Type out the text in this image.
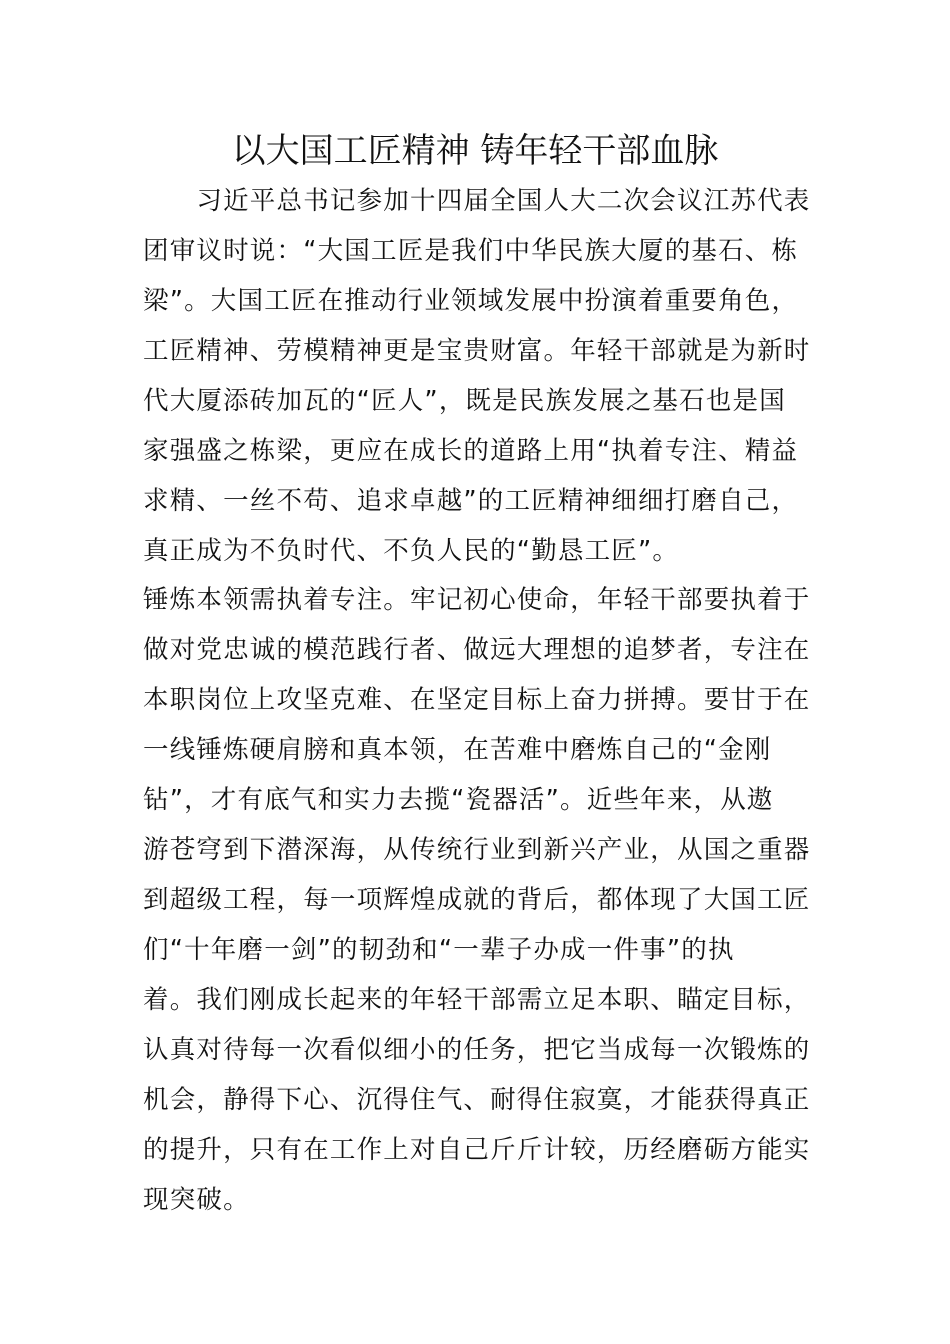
以大国工匠精神 铸年轻干部血脉
　　习近平总书记参加十四届全国人大二次会议江苏代表
团审议时说：“大国工匠是我们中华民族大厦的基石、栋
梁”。大国工匠在推动行业领域发展中扮演着重要角色，
工匠精神、劳模精神更是宝贵财富。年轻干部就是为新时
代大厦添砖加瓦的“匠人”，既是民族发展之基石也是国
家强盛之栋梁，更应在成长的道路上用“执着专注、精益
求精、一丝不苟、追求卓越”的工匠精神细细打磨自己，
真正成为不负时代、不负人民的“勤恳工匠”。
锤炼本领需执着专注。牢记初心使命，年轻干部要执着于
做对党忠诚的模范践行者、做远大理想的追梦者，专注在
本职岗位上攻坚克难、在坚定目标上奋力拼搏。要甘于在
一线锤炼硬肩膀和真本领，在苦难中磨炼自己的“金刚
钻”，才有底气和实力去揽“瓷器活”。近些年来，从遨
游苍穹到下潜深海，从传统行业到新兴产业，从国之重器
到超级工程，每一项辉煌成就的背后，都体现了大国工匠
们“十年磨一剑”的韧劲和“一辈子办成一件事”的执
着。我们刚成长起来的年轻干部需立足本职、瞄定目标，
认真对待每一次看似细小的任务，把它当成每一次锻炼的
机会，静得下心、沉得住气、耐得住寂寞，才能获得真正
的提升，只有在工作上对自己斤斤计较，历经磨砺方能实
现突破。
